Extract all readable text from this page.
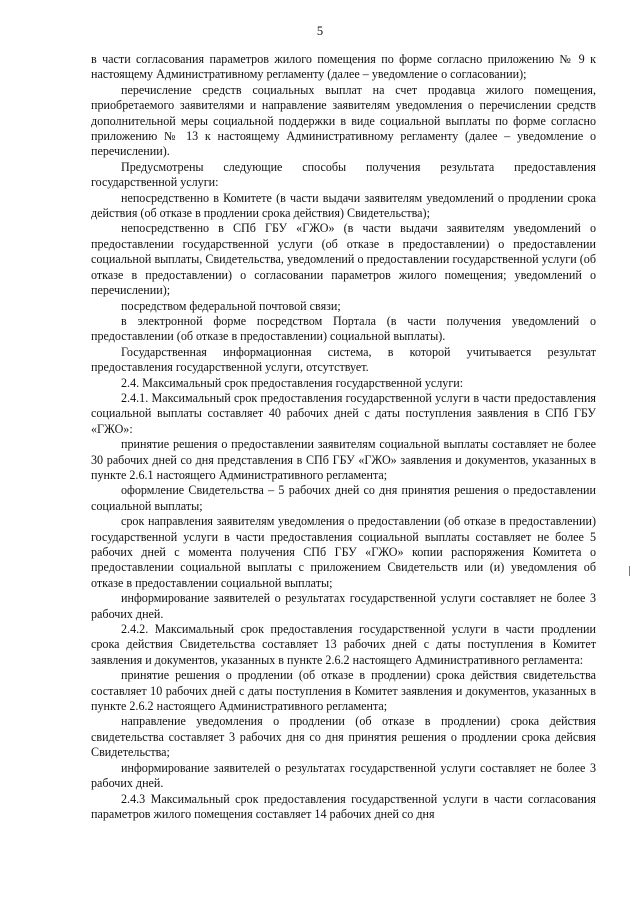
5

в части согласования параметров жилого помещения по форме согласно приложению № 9 к настоящему Административному регламенту (далее – уведомление о согласовании);

перечисление средств социальных выплат на счет продавца жилого помещения, приобретаемого заявителями и направление заявителям уведомления о перечислении средств дополнительной меры социальной поддержки в виде социальной выплаты по форме согласно приложению № 13 к настоящему Административному регламенту (далее – уведомление о перечислении).

Предусмотрены следующие способы получения результата предоставления государственной услуги:

непосредственно в Комитете (в части выдачи заявителям уведомлений о продлении срока действия (об отказе в продлении срока действия) Свидетельства);

непосредственно в СПб ГБУ «ГЖО» (в части выдачи заявителям уведомлений о предоставлении государственной услуги (об отказе в предоставлении) о предоставлении социальной выплаты, Свидетельства, уведомлений о предоставлении государственной услуги (об отказе в предоставлении) о согласовании параметров жилого помещения; уведомлений о перечислении);

посредством федеральной почтовой связи;

в электронной форме посредством Портала (в части получения уведомлений о предоставлении (об отказе в предоставлении) социальной выплаты).

Государственная информационная система, в которой учитывается результат предоставления государственной услуги, отсутствует.

2.4. Максимальный срок предоставления государственной услуги:

2.4.1. Максимальный срок предоставления государственной услуги в части предоставления социальной выплаты составляет 40 рабочих дней с даты поступления заявления в СПб ГБУ «ГЖО»:

принятие решения о предоставлении заявителям социальной выплаты составляет не более 30 рабочих дней со дня представления в СПб ГБУ «ГЖО» заявления и документов, указанных в пункте 2.6.1 настоящего Административного регламента;

оформление Свидетельства – 5 рабочих дней со дня принятия решения о предоставлении социальной выплаты;

срок направления заявителям уведомления о предоставлении (об отказе в предоставлении) государственной услуги в части предоставления социальной выплаты составляет не более 5 рабочих дней с момента получения СПб ГБУ «ГЖО» копии распоряжения Комитета о предоставлении социальной выплаты с приложением Свидетельств или (и) уведомления об отказе в предоставлении социальной выплаты;

информирование заявителей о результатах государственной услуги составляет не более 3 рабочих дней.

2.4.2. Максимальный срок предоставления государственной услуги в части продлении срока действия Свидетельства составляет 13 рабочих дней с даты поступления в Комитет заявления и документов, указанных в пункте 2.6.2 настоящего Административного регламента:

принятие решения о продлении (об отказе в продлении) срока действия свидетельства составляет 10 рабочих дней с даты поступления в Комитет заявления и документов, указанных в пункте 2.6.2 настоящего Административного регламента;

направление уведомления о продлении (об отказе в продлении) срока действия свидетельства составляет 3 рабочих дня со дня принятия решения о продлении срока дейсвия Свидетельства;

информирование заявителей о результатах государственной услуги составляет не более 3 рабочих дней.

2.4.3 Максимальный срок предоставления государственной услуги в части согласования параметров жилого помещения составляет 14 рабочих дней со дня
